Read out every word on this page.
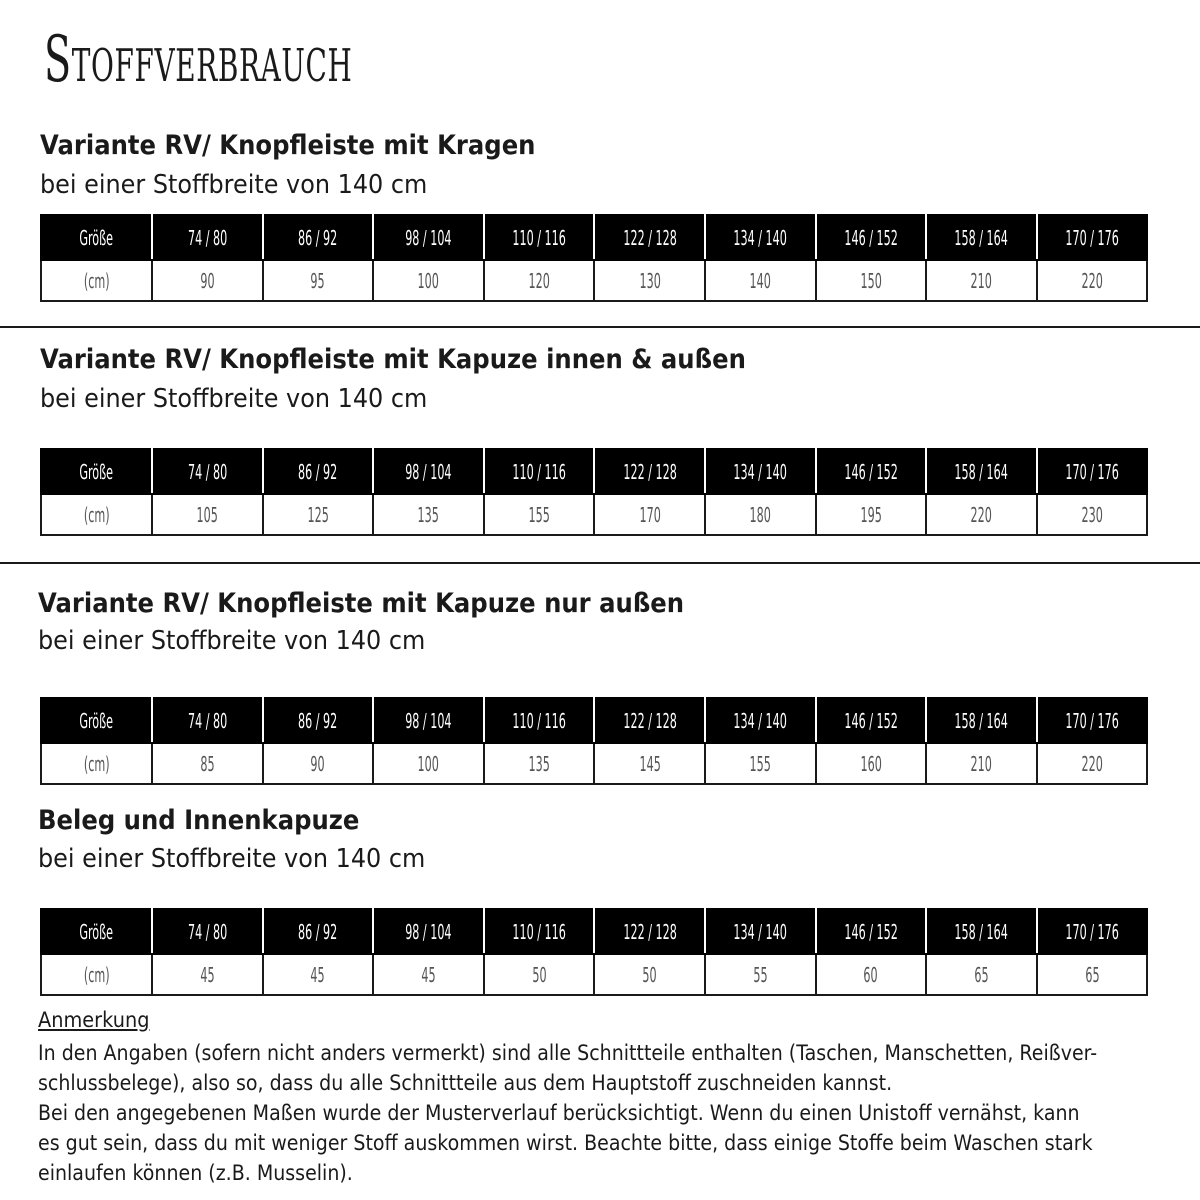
Stoffverbrauch
Variante RV/ Knopfleiste mit Kragen
bei einer Stoffbreite von 140 cm
Größe	74 / 80	86 / 92	98 / 104	110 / 116	122 / 128	134 / 140	146 / 152	158 / 164	170 / 176
(cm)	90	95	100	120	130	140	150	210	220
Variante RV/ Knopfleiste mit Kapuze innen & außen
bei einer Stoffbreite von 140 cm
Größe	74 / 80	86 / 92	98 / 104	110 / 116	122 / 128	134 / 140	146 / 152	158 / 164	170 / 176
(cm)	105	125	135	155	170	180	195	220	230
Variante RV/ Knopfleiste mit Kapuze nur außen
bei einer Stoffbreite von 140 cm
Größe	74 / 80	86 / 92	98 / 104	110 / 116	122 / 128	134 / 140	146 / 152	158 / 164	170 / 176
(cm)	85	90	100	135	145	155	160	210	220
Beleg und Innenkapuze
bei einer Stoffbreite von 140 cm
Größe	74 / 80	86 / 92	98 / 104	110 / 116	122 / 128	134 / 140	146 / 152	158 / 164	170 / 176
(cm)	45	45	45	50	50	55	60	65	65
Anmerkung
In den Angaben (sofern nicht anders vermerkt) sind alle Schnittteile enthalten (Taschen, Manschetten, Reißver-
schlussbelege), also so, dass du alle Schnittteile aus dem Hauptstoff zuschneiden kannst.
Bei den angegebenen Maßen wurde der Musterverlauf berücksichtigt. Wenn du einen Unistoff vernähst, kann
es gut sein, dass du mit weniger Stoff auskommen wirst. Beachte bitte, dass einige Stoffe beim Waschen stark
einlaufen können (z.B. Musselin).
